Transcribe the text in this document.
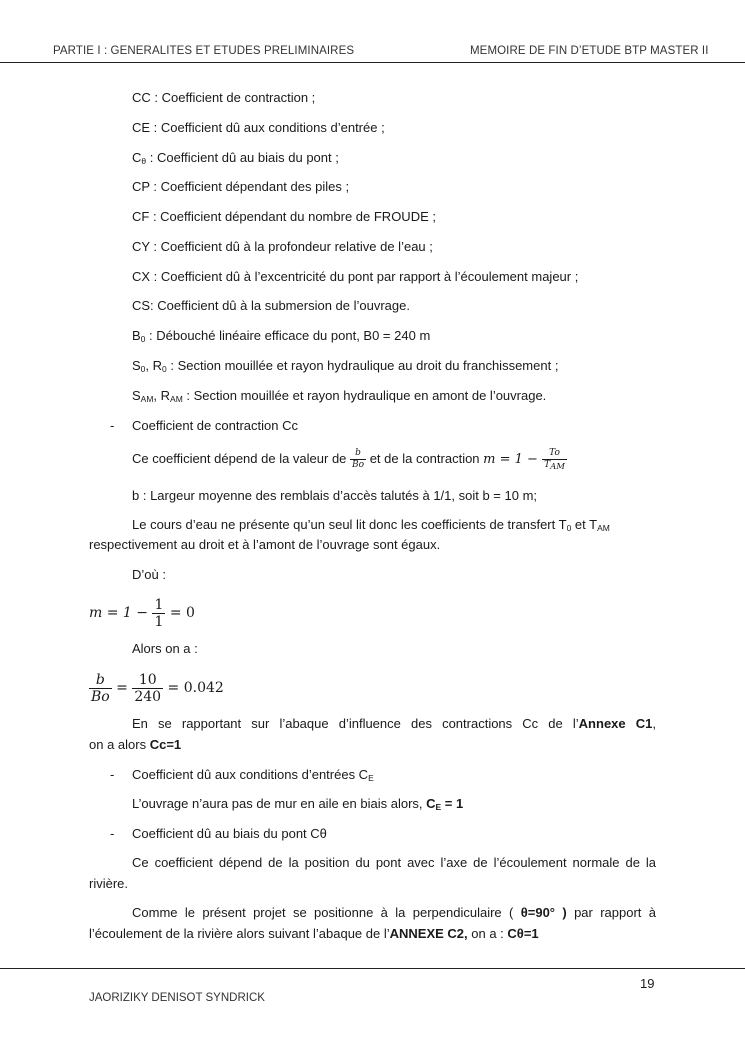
PARTIE I : GENERALITES ET ETUDES PRELIMINAIRES	MEMOIRE DE FIN D’ETUDE BTP MASTER II
CC : Coefficient de contraction ;
CE : Coefficient dû aux conditions d’entrée ;
$C_\theta$ : Coefficient dû au biais du pont ;
CP : Coefficient dépendant des piles ;
CF : Coefficient dépendant du nombre de FROUDE ;
CY : Coefficient dû à la profondeur relative de l’eau ;
CX : Coefficient dû à l’excentricité du pont par rapport à l’écoulement majeur ;
CS: Coefficient dû à la submersion de l’ouvrage.
$B_0$ : Débouché linéaire efficace du pont, B0 = 240 m
$S_0$, $R_0$ : Section mouillée et rayon hydraulique au droit du franchissement ;
$S_{AM}$, $R_{AM}$ : Section mouillée et rayon hydraulique en amont de l’ouvrage.
- Coefficient de contraction Cc
Ce coefficient dépend de la valeur de $\frac{b}{Bo}$ et de la contraction $m = 1 - \frac{To}{T_{AM}}$
b : Largeur moyenne des remblais d’accès talutés à 1/1, soit b = 10 m;
Le cours d’eau ne présente qu’un seul lit donc les coefficients de transfert $T_0$ et $T_{AM}$
respectivement au droit et à l’amont de l’ouvrage sont égaux.
D’où :
$m = 1 - \frac{1}{1} = 0$
Alors on a :
$\frac{b}{Bo} = \frac{10}{240} = 0.042$
En se rapportant sur l’abaque d’influence des contractions Cc de l’Annexe C1,
on a alors Cc=1
- Coefficient dû aux conditions d’entrées $C_E$
L’ouvrage n’aura pas de mur en aile en biais alors, $C_E = 1$
- Coefficient dû au biais du pont Cθ
Ce coefficient dépend de la position du pont avec l’axe de l’écoulement normale de la
rivière.
Comme le présent projet se positionne à la perpendiculaire ( θ=90° ) par rapport à
l’écoulement de la rivière alors suivant l’abaque de l’ANNEXE C2, on a : Cθ=1
19
JAORIZIKY DENISOT SYNDRICK
